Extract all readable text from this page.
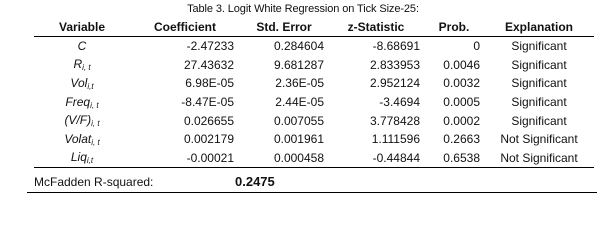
Table 3. Logit White Regression on Tick Size-25:
Variable	Coefficient	Std. Error	z-Statistic	Prob.	Explanation
C	-2.47233	0.284604	-8.68691	0	Significant
Ri, t	27.43632	9.681287	2.833953	0.0046	Significant
Voli,t	6.98E-05	2.36E-05	2.952124	0.0032	Significant
Freqi, t	-8.47E-05	2.44E-05	-3.4694	0.0005	Significant
(V/F)i, t	0.026655	0.007055	3.778428	0.0002	Significant
Volati, t	0.002179	0.001961	1.111596	0.2663	Not Significant
Liqi,t	-0.00021	0.000458	-0.44844	0.6538	Not Significant
McFadden R-squared:	0.2475
